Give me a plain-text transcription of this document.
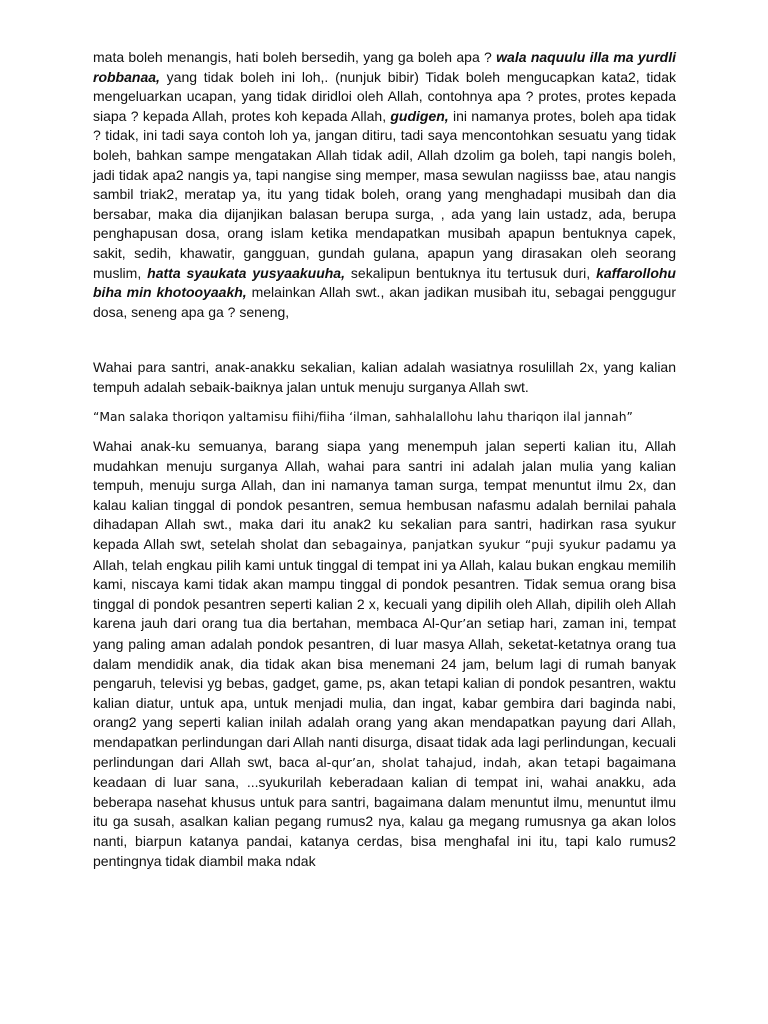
mata boleh menangis, hati boleh bersedih, yang ga boleh apa ? wala naquulu illa ma yurdli robbanaa, yang tidak boleh ini loh,. (nunjuk bibir) Tidak boleh mengucapkan kata2, tidak mengeluarkan ucapan, yang tidak diridloi oleh Allah, contohnya apa ? protes, protes kepada siapa ? kepada Allah, protes koh kepada Allah, gudigen, ini namanya protes, boleh apa tidak ? tidak, ini tadi saya contoh loh ya, jangan ditiru, tadi saya mencontohkan sesuatu yang tidak boleh, bahkan sampe mengatakan Allah tidak adil, Allah dzolim ga boleh, tapi nangis boleh, jadi tidak apa2 nangis ya, tapi nangise sing memper, masa sewulan nagiisss bae, atau nangis sambil triak2, meratap ya, itu yang tidak boleh, orang yang menghadapi musibah dan dia bersabar, maka dia dijanjikan balasan berupa surga, , ada yang lain ustadz, ada, berupa penghapusan dosa, orang islam ketika mendapatkan musibah apapun bentuknya capek, sakit, sedih, khawatir, gangguan, gundah gulana, apapun yang dirasakan oleh seorang muslim, hatta syaukata yusyaakuuha, sekalipun bentuknya itu tertusuk duri, kaffarollohu biha min khotooyaakh, melainkan Allah swt., akan jadikan musibah itu, sebagai penggugur dosa, seneng apa ga ? seneng,

Wahai para santri, anak-anakku sekalian, kalian adalah wasiatnya rosulillah 2x, yang kalian tempuh adalah sebaik-baiknya jalan untuk menuju surganya Allah swt.

“Man salaka thoriqon yaltamisu fiihi/fiiha ‘ilman, sahhalallohu lahu thariqon ilal jannah”

Wahai anak-ku semuanya, barang siapa yang menempuh jalan seperti kalian itu, Allah mudahkan menuju surganya Allah, wahai para santri ini adalah jalan mulia yang kalian tempuh, menuju surga Allah, dan ini namanya taman surga, tempat menuntut ilmu 2x, dan kalau kalian tinggal di pondok pesantren, semua hembusan nafasmu adalah bernilai pahala dihadapan Allah swt., maka dari itu anak2 ku sekalian para santri, hadirkan rasa syukur kepada Allah swt, setelah sholat dan sebagainya, panjatkan syukur “puji syukur padamu ya Allah, telah engkau pilih kami untuk tinggal di tempat ini ya Allah, kalau bukan engkau memilih kami, niscaya kami tidak akan mampu tinggal di pondok pesantren. Tidak semua orang bisa tinggal di pondok pesantren seperti kalian 2 x, kecuali yang dipilih oleh Allah, dipilih oleh Allah karena jauh dari orang tua dia bertahan, membaca Al-Qur’an setiap hari, zaman ini, tempat yang paling aman adalah pondok pesantren, di luar masya Allah, seketat-ketatnya orang tua dalam mendidik anak, dia tidak akan bisa menemani 24 jam, belum lagi di rumah banyak pengaruh, televisi yg bebas, gadget, game, ps, akan tetapi kalian di pondok pesantren, waktu kalian diatur, untuk apa, untuk menjadi mulia, dan ingat, kabar gembira dari baginda nabi, orang2 yang seperti kalian inilah adalah orang yang akan mendapatkan payung dari Allah, mendapatkan perlindungan dari Allah nanti disurga, disaat tidak ada lagi perlindungan, kecuali perlindungan dari Allah swt, baca al-qur’an, sholat tahajud, indah, akan tetapi bagaimana keadaan di luar sana, ...syukurilah keberadaan kalian di tempat ini, wahai anakku, ada beberapa nasehat khusus untuk para santri, bagaimana dalam menuntut ilmu, menuntut ilmu itu ga susah, asalkan kalian pegang rumus2 nya, kalau ga megang rumusnya ga akan lolos nanti, biarpun katanya pandai, katanya cerdas, bisa menghafal ini itu, tapi kalo rumus2 pentingnya tidak diambil maka ndak
